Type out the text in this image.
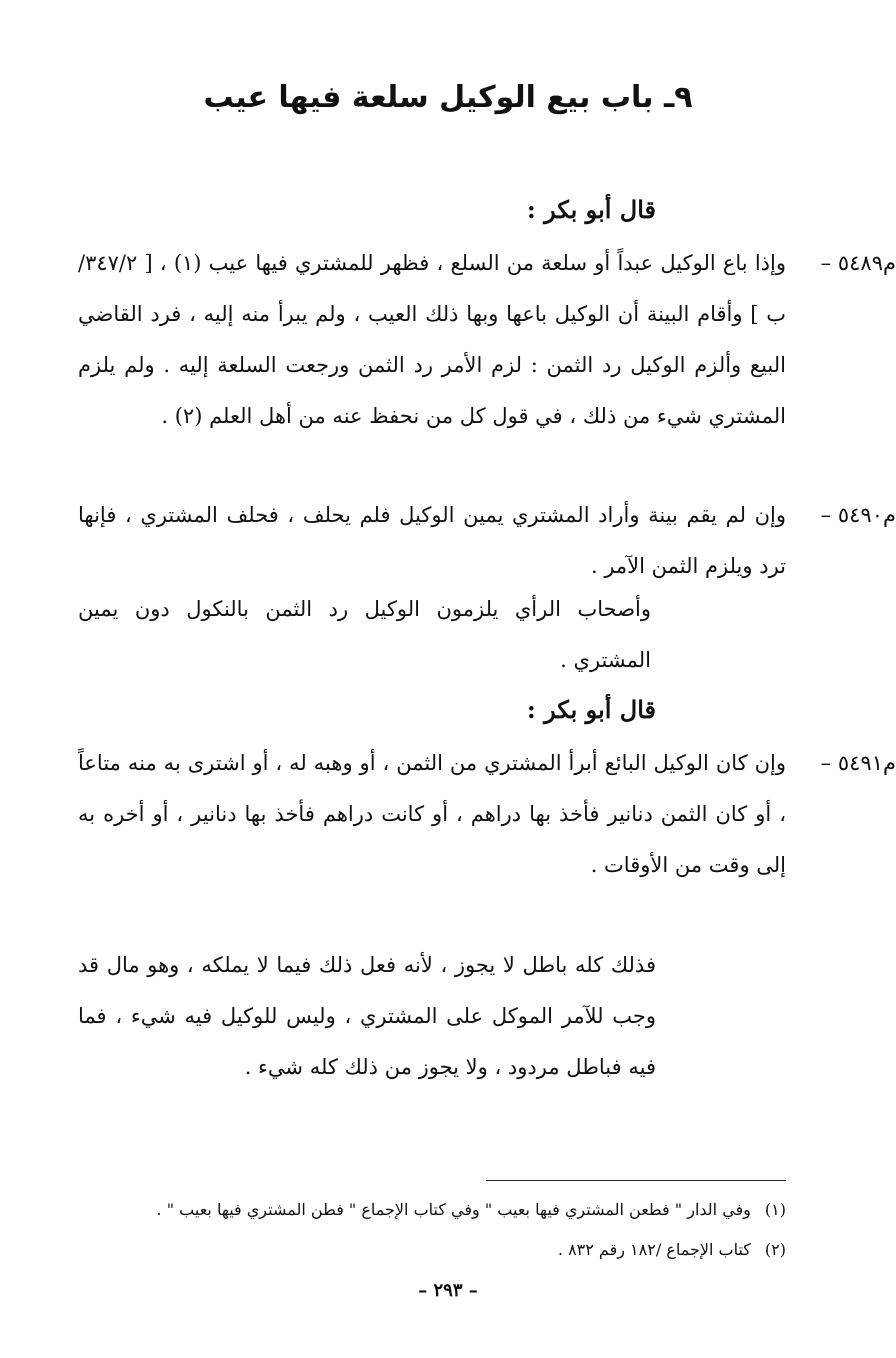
٩ـ باب بيع الوكيل سلعة فيها عيب
قال أبو بكر :
م٥٤٨٩ –
وإذا باع الوكيل عبداً أو سلعة من السلع ، فظهر للمشتري فيها عيب (١) ، [ ٣٤٧/٢/ب ] وأقام البينة أن الوكيل باعها وبها ذلك العيب ، ولم يبرأ منه إليه ، فرد القاضي البيع وألزم الوكيل رد الثمن : لزم الأمر رد الثمن ورجعت السلعة إليه . ولم يلزم المشتري شيء من ذلك ، في قول كل من نحفظ عنه من أهل العلم (٢) .
م٥٤٩٠ –
وإن لم يقم بينة وأراد المشتري يمين الوكيل فلم يحلف ، فحلف المشتري ، فإنها ترد ويلزم الثمن الآمر .
وأصحاب الرأي يلزمون الوكيل رد الثمن بالنكول دون يمين المشتري .
قال أبو بكر :
م٥٤٩١ –
وإن كان الوكيل البائع أبرأ المشتري من الثمن ، أو وهبه له ، أو اشترى به منه متاعاً ، أو كان الثمن دنانير فأخذ بها دراهم ، أو كانت دراهم فأخذ بها دنانير ، أو أخره به إلى وقت من الأوقات .
فذلك كله باطل لا يجوز ، لأنه فعل ذلك فيما لا يملكه ، وهو مال قد وجب للآمر الموكل على المشتري ، وليس للوكيل فيه شيء ، فما فيه فباطل مردود ، ولا يجوز من ذلك كله شيء .
(١)وفي الدار " فطعن المشتري فيها بعيب " وفي كتاب الإجماع " فطن المشتري فيها بعيب " .
(٢)كتاب الإجماع /١٨٢ رقم ٨٣٢ .
– ٢٩٣ –
